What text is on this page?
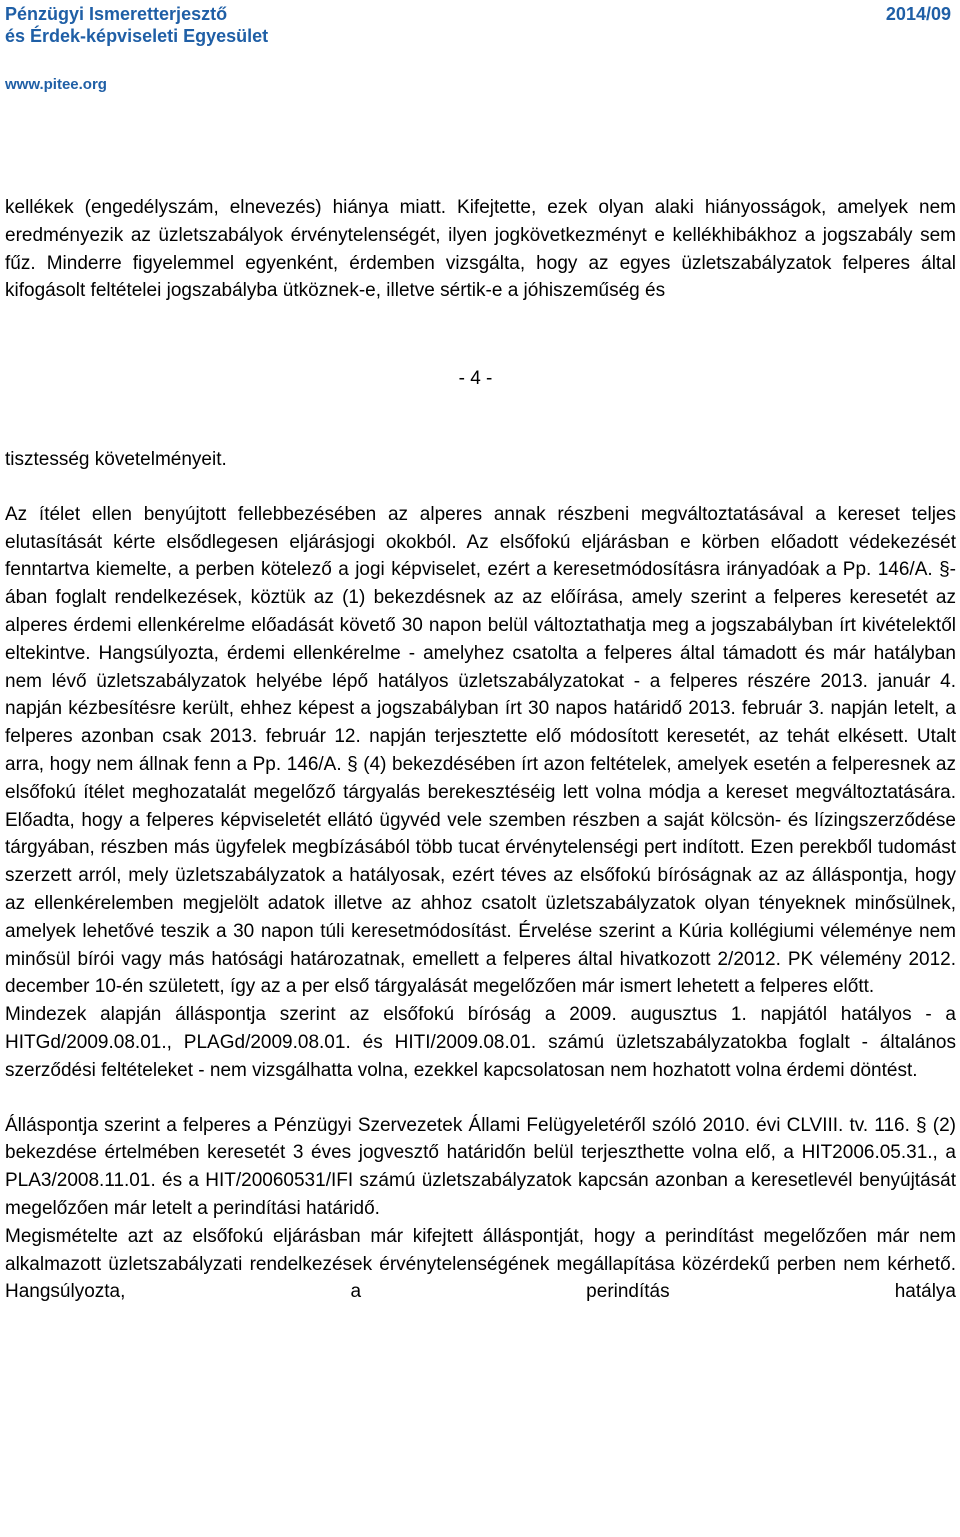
Pénzügyi Ismeretterjesztő
és Érdek-képviseleti Egyesület
2014/09
www.pitee.org

kellékek (engedélyszám, elnevezés) hiánya miatt. Kifejtette, ezek olyan alaki hiányosságok, amelyek nem eredményezik az üzletszabályok érvénytelenségét, ilyen jogkövetkezményt e kellékhibákhoz a jogszabály sem fűz. Minderre figyelemmel egyenként, érdemben vizsgálta, hogy az egyes üzletszabályzatok felperes által kifogásolt feltételei jogszabályba ütköznek-e, illetve sértik-e a jóhiszeműség és

- 4 -

tisztesség követelményeit.

Az ítélet ellen benyújtott fellebbezésében az alperes annak részbeni megváltoztatásával a kereset teljes elutasítását kérte elsődlegesen eljárásjogi okokból. Az elsőfokú eljárásban e körben előadott védekezését fenntartva kiemelte, a perben kötelező a jogi képviselet, ezért a keresetmódosításra irányadóak a Pp. 146/A. §-ában foglalt rendelkezések, köztük az (1) bekezdésnek az az előírása, amely szerint a felperes keresetét az alperes érdemi ellenkérelme előadását követő 30 napon belül változtathatja meg a jogszabályban írt kivételektől eltekintve. Hangsúlyozta, érdemi ellenkérelme - amelyhez csatolta a felperes által támadott és már hatályban nem lévő üzletszabályzatok helyébe lépő hatályos üzletszabályzatokat - a felperes részére 2013. január 4. napján kézbesítésre került, ehhez képest a jogszabályban írt 30 napos határidő 2013. február 3. napján letelt, a felperes azonban csak 2013. február 12. napján terjesztette elő módosított keresetét, az tehát elkésett. Utalt arra, hogy nem állnak fenn a Pp. 146/A. § (4) bekezdésében írt azon feltételek, amelyek esetén a felperesnek az elsőfokú ítélet meghozatalát megelőző tárgyalás berekesztéséig lett volna módja a kereset megváltoztatására. Előadta, hogy a felperes képviseletét ellátó ügyvéd vele szemben részben a saját kölcsön- és lízingszerződése tárgyában, részben más ügyfelek megbízásából több tucat érvénytelenségi pert indított. Ezen perekből tudomást szerzett arról, mely üzletszabályzatok a hatályosak, ezért téves az elsőfokú bíróságnak az az álláspontja, hogy az ellenkérelemben megjelölt adatok illetve az ahhoz csatolt üzletszabályzatok olyan tényeknek minősülnek, amelyek lehetővé teszik a 30 napon túli keresetmódosítást. Érvelése szerint a Kúria kollégiumi véleménye nem minősül bírói vagy más hatósági határozatnak, emellett a felperes által hivatkozott 2/2012. PK vélemény 2012. december 10-én született, így az a per első tárgyalását megelőzően már ismert lehetett a felperes előtt.

Mindezek alapján álláspontja szerint az elsőfokú bíróság a 2009. augusztus 1. napjától hatályos - a HITGd/2009.08.01., PLAGd/2009.08.01. és HITI/2009.08.01. számú üzletszabályzatokba foglalt - általános szerződési feltételeket - nem vizsgálhatta volna, ezekkel kapcsolatosan nem hozhatott volna érdemi döntést.

Álláspontja szerint a felperes a Pénzügyi Szervezetek Állami Felügyeletéről szóló 2010. évi CLVIII. tv. 116. § (2) bekezdése értelmében keresetét 3 éves jogvesztő határidőn belül terjeszthette volna elő, a HIT2006.05.31., a PLA3/2008.11.01. és a HIT/20060531/IFI számú üzletszabályzatok kapcsán azonban a keresetlevél benyújtását megelőzően már letelt a perindítási határidő.

Megismételte azt az elsőfokú eljárásban már kifejtett álláspontját, hogy a perindítást megelőzően már nem alkalmazott üzletszabályzati rendelkezések érvénytelenségének megállapítása közérdekű perben nem kérhető. Hangsúlyozta, a perindítás hatálya
